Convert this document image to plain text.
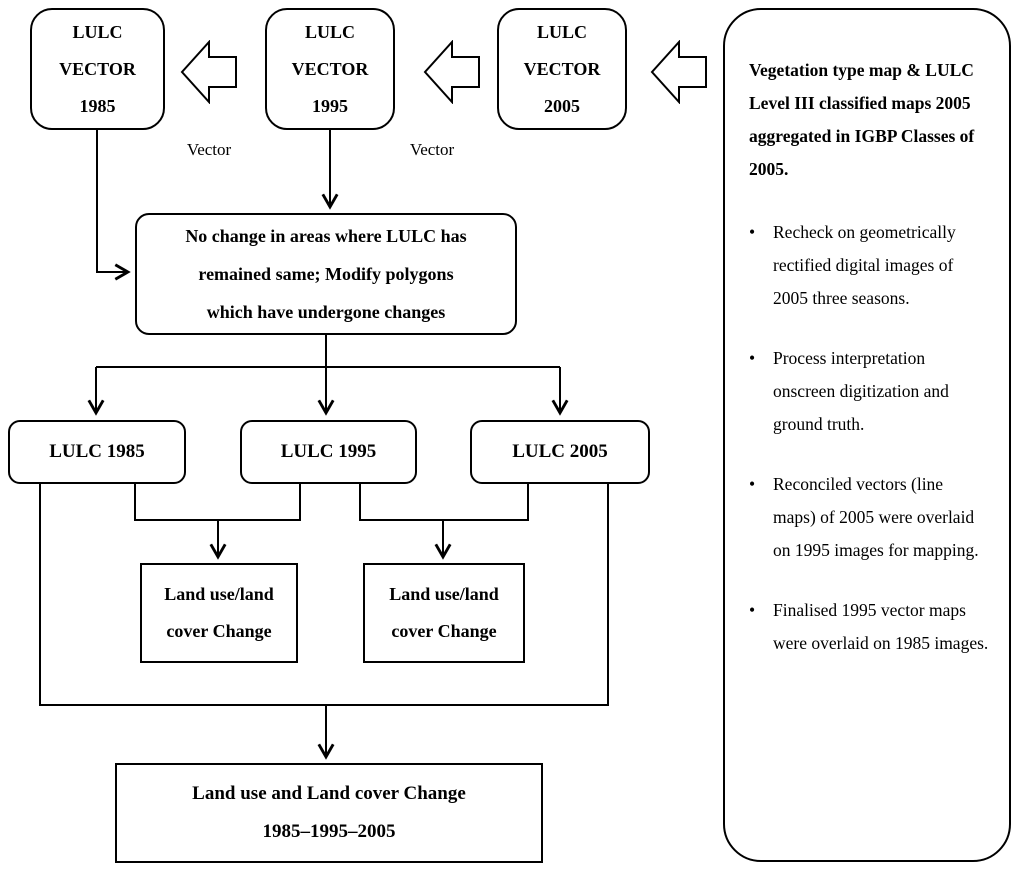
LULC
VECTOR
1985
LULC
VECTOR
1995
LULC
VECTOR
2005
Vector	Vector
No change in areas where LULC has
remained same; Modify polygons
which have undergone changes
LULC 1985	LULC 1995	LULC 2005
Land use/land
cover Change
Land use/land
cover Change
Land use and Land cover Change
1985–1995–2005
Vegetation type map & LULC Level III classified maps 2005 aggregated in IGBP Classes of 2005.
•	Recheck on geometrically rectified digital images of 2005 three seasons.
•	Process interpretation onscreen digitization and ground truth.
•	Reconciled vectors (line maps) of 2005 were overlaid on 1995 images for mapping.
•	Finalised 1995 vector maps were overlaid on 1985 images.
